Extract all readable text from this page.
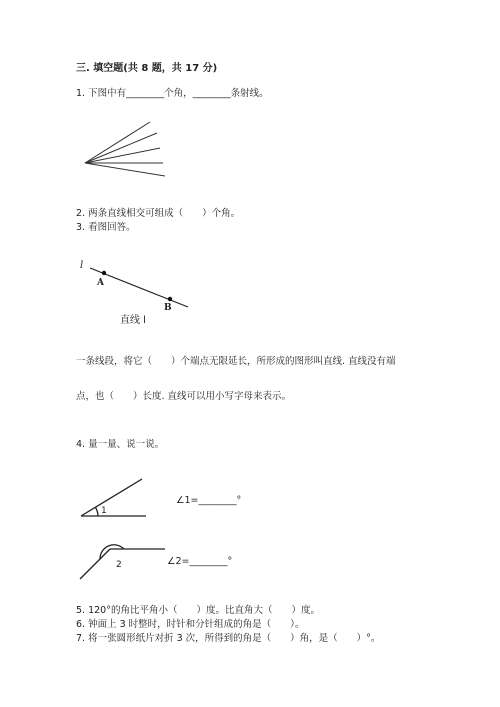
三. 填空题(共 8 题，共 17 分)
1. 下图中有________个角，________条射线。
2. 两条直线相交可组成（　　）个角。
3. 看图回答。
l
A
B
直线 l
一条线段，将它（　　）个端点无限延长，所形成的图形叫直线. 直线没有端
点，也（　　）长度. 直线可以用小写字母来表示。
4. 量一量、说一说。
1
∠1=________°
2	∠2=________°
5. 120°的角比平角小（　　）度。比直角大（　　）度。
6. 钟面上 3 时整时，时针和分针组成的角是（　　）。
7. 将一张圆形纸片对折 3 次，所得到的角是（　　）角，是（　　）°。
